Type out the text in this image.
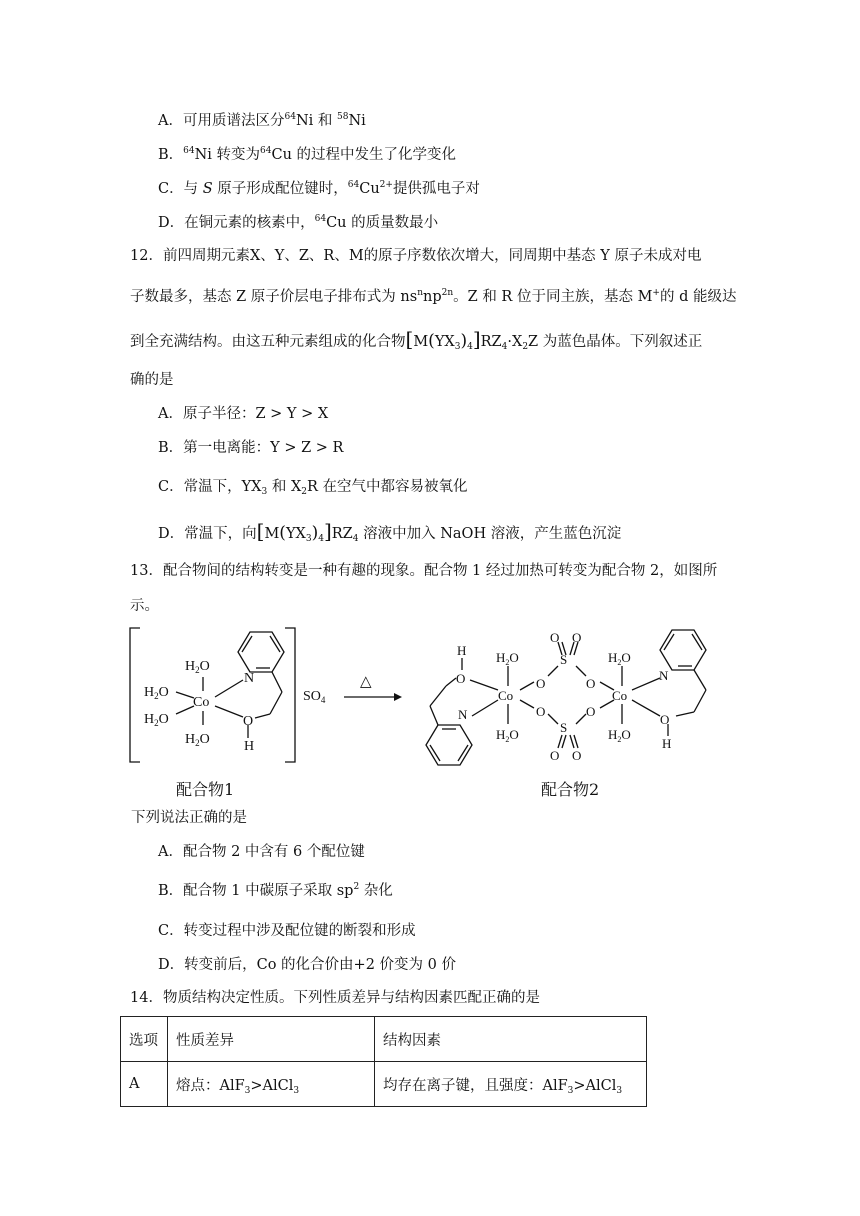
A．可用质谱法区分$^{64}$Ni 和 $^{58}$Ni
B．$^{64}$Ni 转变为$^{64}$Cu 的过程中发生了化学变化
C．与 S 原子形成配位键时，$^{64}Cu^{2+}$提供孤电子对
D．在铜元素的核素中，$^{64}$Cu 的质量数最小
12．前四周期元素X、Y、Z、R、M的原子序数依次增大，同周期中基态 Y 原子未成对电
子数最多，基态 Z 原子价层电子排布式为 $ns^nnp^{2n}$。Z 和 R 位于同主族，基态 M+的 d 能级达
到全充满结构。由这五种元素组成的化合物$[M(YX_3)_4]RZ_4\cdot X_2Z$ 为蓝色晶体。下列叙述正
确的是
A．原子半径：Z > Y > X
B．第一电离能：Y > Z > R
C．常温下，$YX_3$ 和 $X_2R$ 在空气中都容易被氧化
D．常温下，向$[M(YX_3)_4]RZ_4$ 溶液中加入 NaOH 溶液，产生蓝色沉淀
13．配合物间的结构转变是一种有趣的现象。配合物 1 经过加热可转变为配合物 2，如图所
示。
$H_2O$
$H_2O$
$H_2O$
$H_2O$
Co
N
O
H
$SO_4$
△
H
O
N
$H_2O$
$H_2O$
Co
O
O
S
S
O O
O O
O
O
Co
$H_2O$
$H_2O$
N
O
H
配合物1	配合物2
下列说法正确的是
A．配合物 2 中含有 6 个配位键
B．配合物 1 中碳原子采取 $sp^2$ 杂化
C．转变过程中涉及配位键的断裂和形成
D．转变前后，Co 的化合价由+2 价变为 0 价
14．物质结构决定性质。下列性质差异与结构因素匹配正确的是
选项	性质差异	结构因素
A	熔点：AlF$_3$>AlCl$_3$	均存在离子键，且强度：AlF$_3$>AlCl$_3$
